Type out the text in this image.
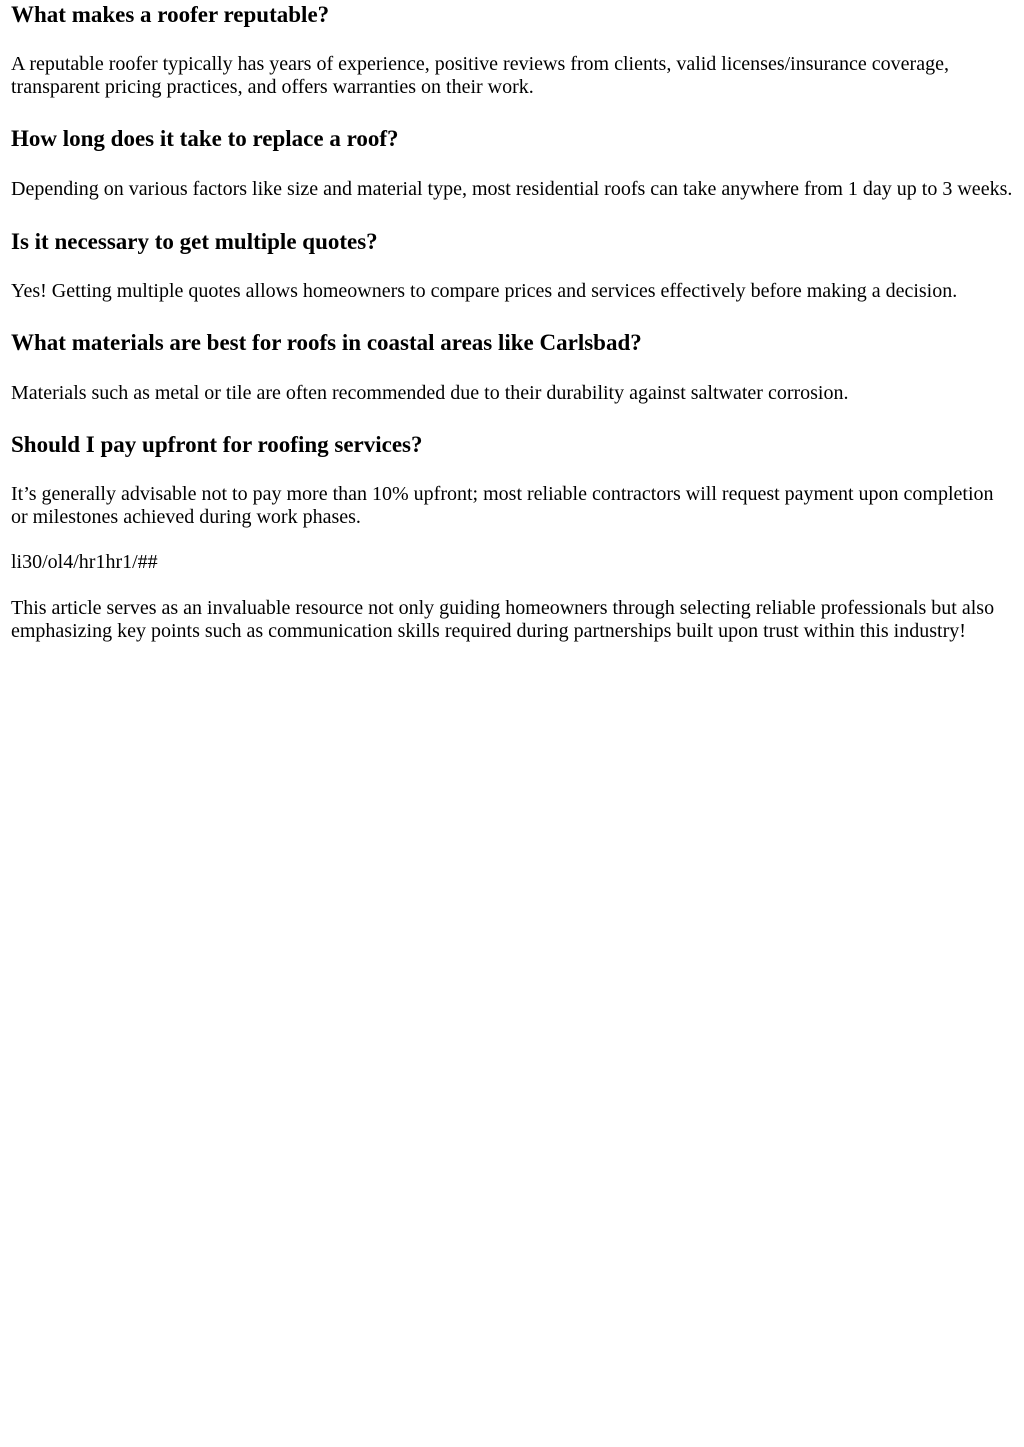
What makes a roofer reputable?

A reputable roofer typically has years of experience, positive reviews from clients, valid licenses/insurance coverage, transparent pricing practices, and offers warranties on their work.

How long does it take to replace a roof?

Depending on various factors like size and material type, most residential roofs can take anywhere from 1 day up to 3 weeks.

Is it necessary to get multiple quotes?

Yes! Getting multiple quotes allows homeowners to compare prices and services effectively before making a decision.

What materials are best for roofs in coastal areas like Carlsbad?

Materials such as metal or tile are often recommended due to their durability against saltwater corrosion.

Should I pay upfront for roofing services?

It’s generally advisable not to pay more than 10% upfront; most reliable contractors will request payment upon completion or milestones achieved during work phases.

li30/ol4/hr1hr1/##

This article serves as an invaluable resource not only guiding homeowners through selecting reliable professionals but also emphasizing key points such as communication skills required during partnerships built upon trust within this industry!
